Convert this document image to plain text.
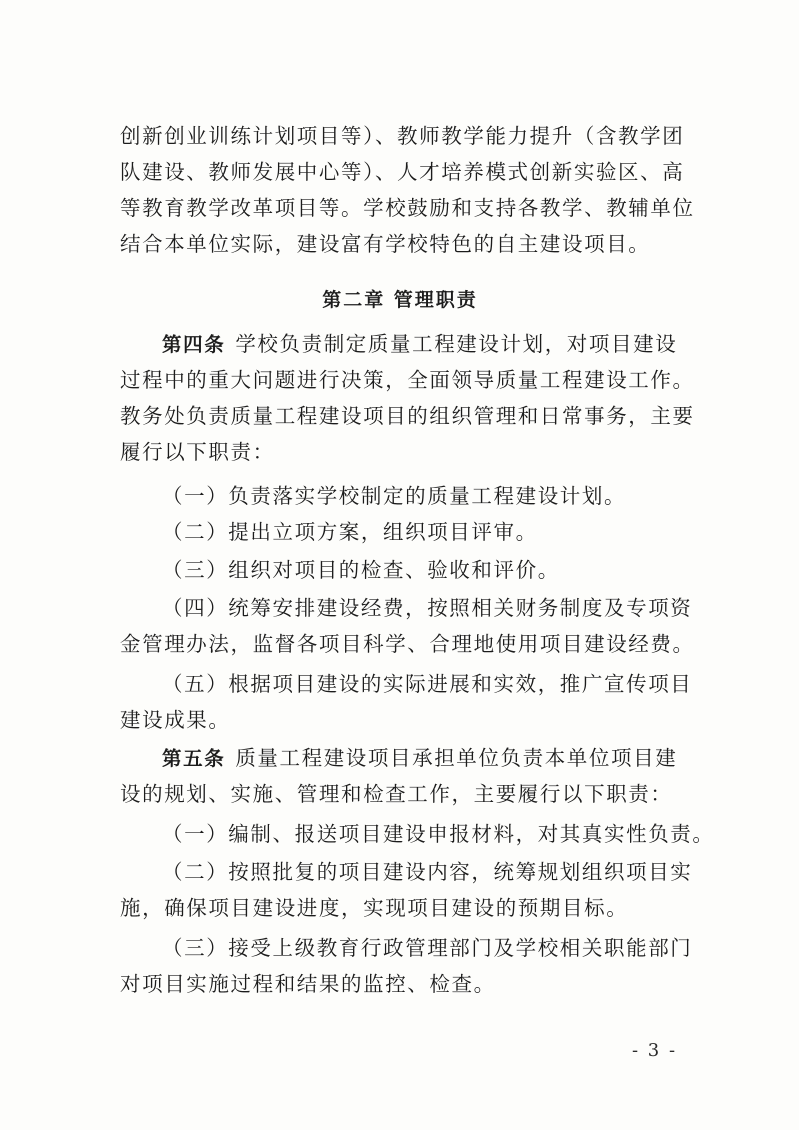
创新创业训练计划项目等）、教师教学能力提升（含教学团
队建设、教师发展中心等）、人才培养模式创新实验区、高
等教育教学改革项目等。学校鼓励和支持各教学、教辅单位
结合本单位实际，建设富有学校特色的自主建设项目。
第二章 管理职责
第四条 学校负责制定质量工程建设计划，对项目建设
过程中的重大问题进行决策，全面领导质量工程建设工作。
教务处负责质量工程建设项目的组织管理和日常事务，主要
履行以下职责：
（一）负责落实学校制定的质量工程建设计划。
（二）提出立项方案，组织项目评审。
（三）组织对项目的检查、验收和评价。
（四）统筹安排建设经费，按照相关财务制度及专项资
金管理办法，监督各项目科学、合理地使用项目建设经费。
（五）根据项目建设的实际进展和实效，推广宣传项目
建设成果。
第五条 质量工程建设项目承担单位负责本单位项目建
设的规划、实施、管理和检查工作，主要履行以下职责：
（一）编制、报送项目建设申报材料，对其真实性负责。
（二）按照批复的项目建设内容，统筹规划组织项目实
施，确保项目建设进度，实现项目建设的预期目标。
（三）接受上级教育行政管理部门及学校相关职能部门
对项目实施过程和结果的监控、检查。
- 3 -
